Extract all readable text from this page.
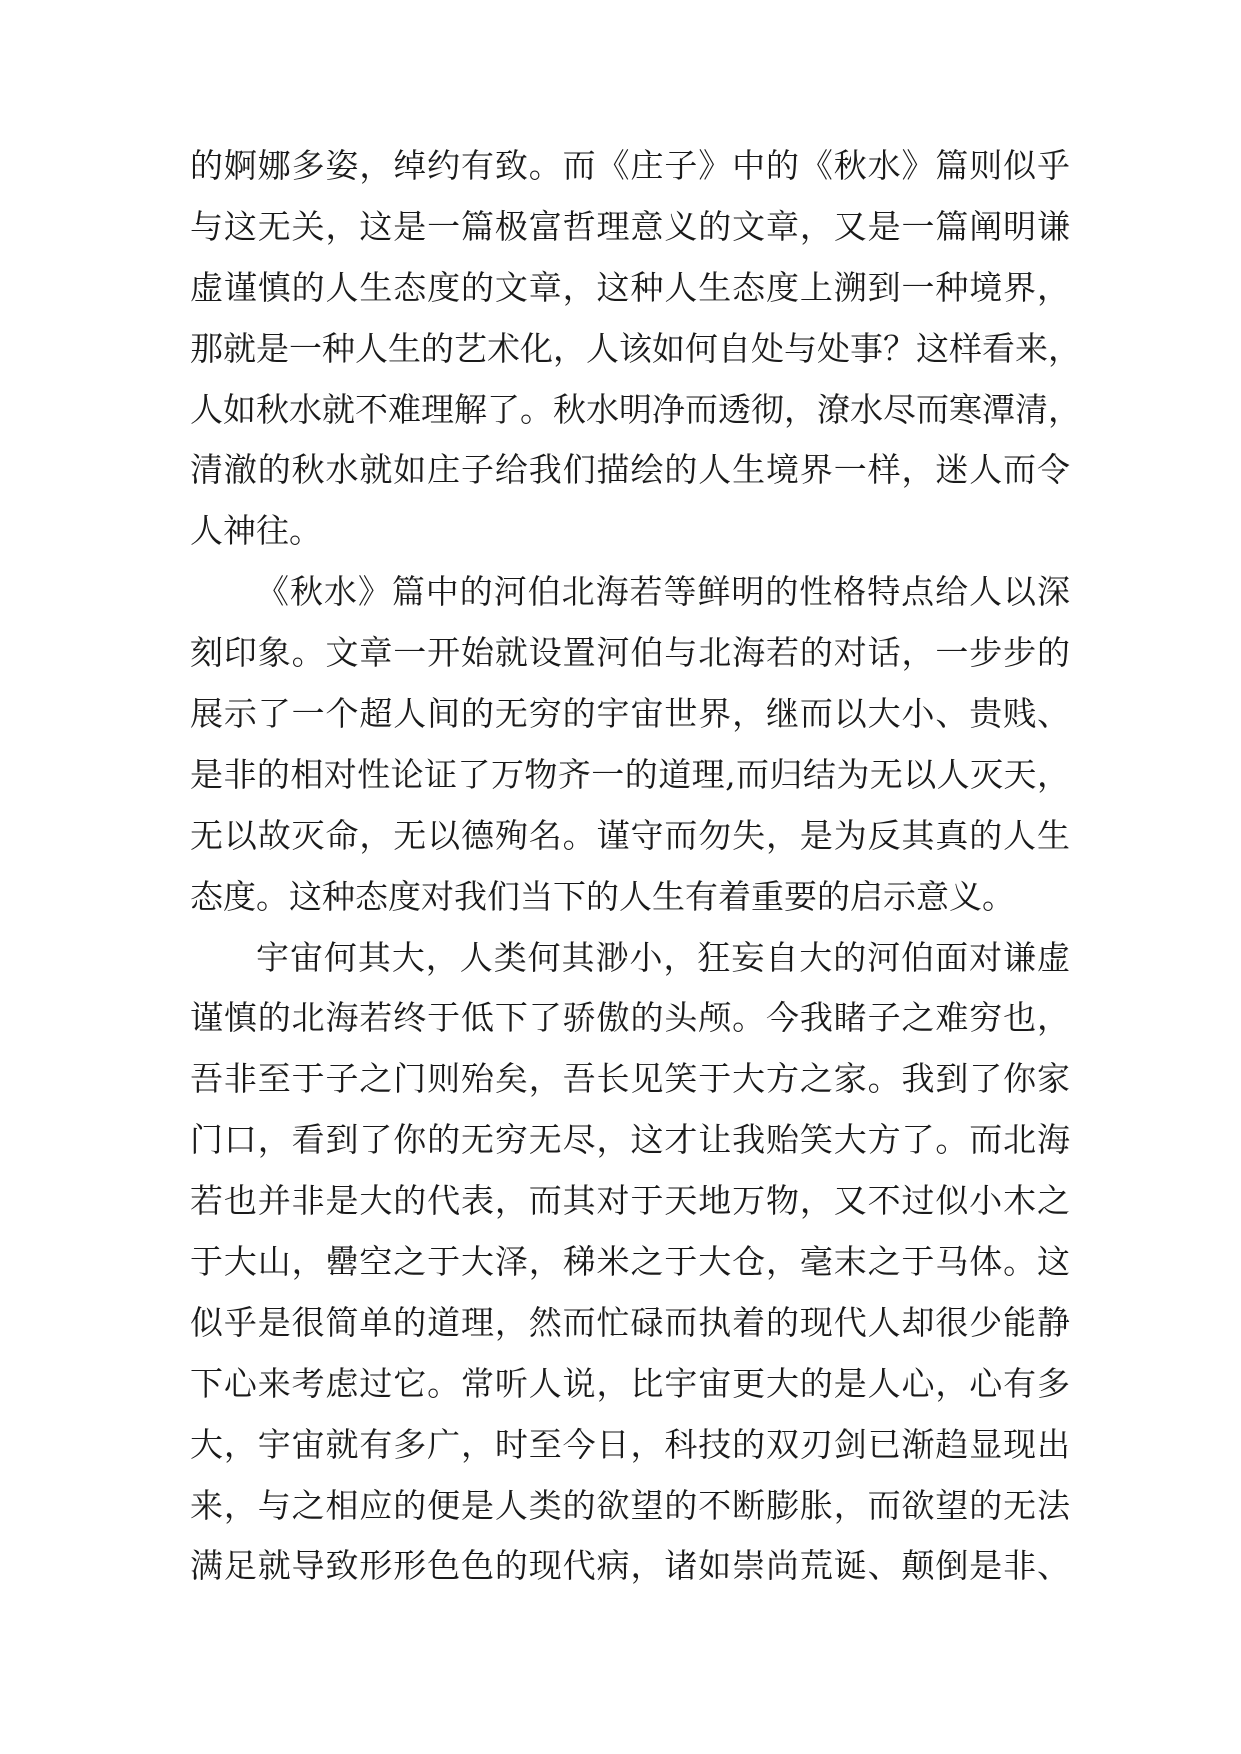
的婀娜多姿，绰约有致。而《庄子》中的《秋水》篇则似乎
与这无关，这是一篇极富哲理意义的文章，又是一篇阐明谦
虚谨慎的人生态度的文章，这种人生态度上溯到一种境界，
那就是一种人生的艺术化，人该如何自处与处事？这样看来，
人如秋水就不难理解了。秋水明净而透彻，潦水尽而寒潭清，
清澈的秋水就如庄子给我们描绘的人生境界一样，迷人而令
人神往。
《秋水》篇中的河伯北海若等鲜明的性格特点给人以深
刻印象。文章一开始就设置河伯与北海若的对话，一步步的
展示了一个超人间的无穷的宇宙世界，继而以大小、贵贱、
是非的相对性论证了万物齐一的道理,而归结为无以人灭天，
无以故灭命，无以德殉名。谨守而勿失，是为反其真的人生
态度。这种态度对我们当下的人生有着重要的启示意义。
宇宙何其大，人类何其渺小，狂妄自大的河伯面对谦虚
谨慎的北海若终于低下了骄傲的头颅。今我睹子之难穷也，
吾非至于子之门则殆矣，吾长见笑于大方之家。我到了你家
门口，看到了你的无穷无尽，这才让我贻笑大方了。而北海
若也并非是大的代表，而其对于天地万物，又不过似小木之
于大山，罍空之于大泽，稊米之于大仓，毫末之于马体。这
似乎是很简单的道理，然而忙碌而执着的现代人却很少能静
下心来考虑过它。常听人说，比宇宙更大的是人心，心有多
大，宇宙就有多广，时至今日，科技的双刃剑已渐趋显现出
来，与之相应的便是人类的欲望的不断膨胀，而欲望的无法
满足就导致形形色色的现代病，诸如崇尚荒诞、颠倒是非、
